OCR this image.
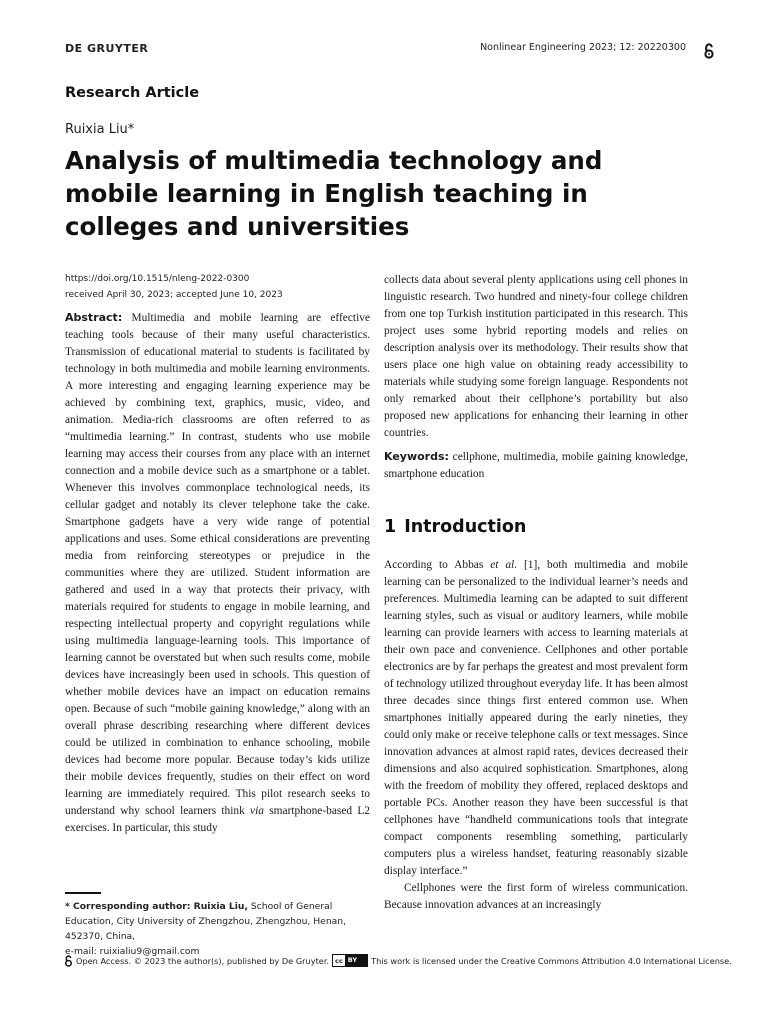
DE GRUYTER	Nonlinear Engineering 2023; 12: 20220300
Research Article
Ruixia Liu*
Analysis of multimedia technology and mobile learning in English teaching in colleges and universities
https://doi.org/10.1515/nleng-2022-0300
received April 30, 2023; accepted June 10, 2023

Abstract: Multimedia and mobile learning are effective teaching tools because of their many useful characteristics. Transmission of educational material to students is facilitated by technology in both multimedia and mobile learning environments. A more interesting and engaging learning experience may be achieved by combining text, graphics, music, video, and animation. Media-rich classrooms are often referred to as “multimedia learning.” In contrast, students who use mobile learning may access their courses from any place with an internet connection and a mobile device such as a smartphone or a tablet. Whenever this involves commonplace technological needs, its cellular gadget and notably its clever telephone take the cake. Smartphone gadgets have a very wide range of potential applications and uses. Some ethical considerations are preventing media from reinforcing stereotypes or prejudice in the communities where they are utilized. Student information are gathered and used in a way that protects their privacy, with materials required for students to engage in mobile learning, and respecting intellectual property and copyright regulations while using multimedia language-learning tools. This importance of learning cannot be overstated but when such results come, mobile devices have increasingly been used in schools. This question of whether mobile devices have an impact on education remains open. Because of such “mobile gaining knowledge,” along with an overall phrase describing researching where different devices could be utilized in combination to enhance schooling, mobile devices had become more popular. Because today’s kids utilize their mobile devices frequently, studies on their effect on word learning are immediately required. This pilot research seeks to understand why school learners think via smartphone-based L2 exercises. In particular, this study

collects data about several plenty applications using cell phones in linguistic research. Two hundred and ninety-four college children from one top Turkish institution participated in this research. This project uses some hybrid reporting models and relies on description analysis over its methodology. Their results show that users place one high value on obtaining ready accessibility to materials while studying some foreign language. Respondents not only remarked about their cellphone’s portability but also proposed new applications for enhancing their learning in other countries.

Keywords: cellphone, multimedia, mobile gaining knowledge, smartphone education

1 Introduction

According to Abbas et al. [1], both multimedia and mobile learning can be personalized to the individual learner’s needs and preferences. Multimedia learning can be adapted to suit different learning styles, such as visual or auditory learners, while mobile learning can provide learners with access to learning materials at their own pace and convenience. Cellphones and other portable electronics are by far perhaps the greatest and most prevalent form of technology utilized throughout everyday life. It has been almost three decades since things first entered common use. When smartphones initially appeared during the early nineties, they could only make or receive telephone calls or text messages. Since innovation advances at almost rapid rates, devices decreased their dimensions and also acquired sophistication. Smartphones, along with the freedom of mobility they offered, replaced desktops and portable PCs. Another reason they have been successful is that cellphones have “handheld communications tools that integrate compact components resembling something, particularly computers plus a wireless handset, featuring reasonably sizable display interface.”

Cellphones were the first form of wireless communication. Because innovation advances at an increasingly

* Corresponding author: Ruixia Liu, School of General Education, City University of Zhengzhou, Zhengzhou, Henan, 452370, China,
e-mail: ruixialiu9@gmail.com
Open Access. © 2023 the author(s), published by De Gruyter. cc BY	This work is licensed under the Creative Commons Attribution 4.0 International License.
